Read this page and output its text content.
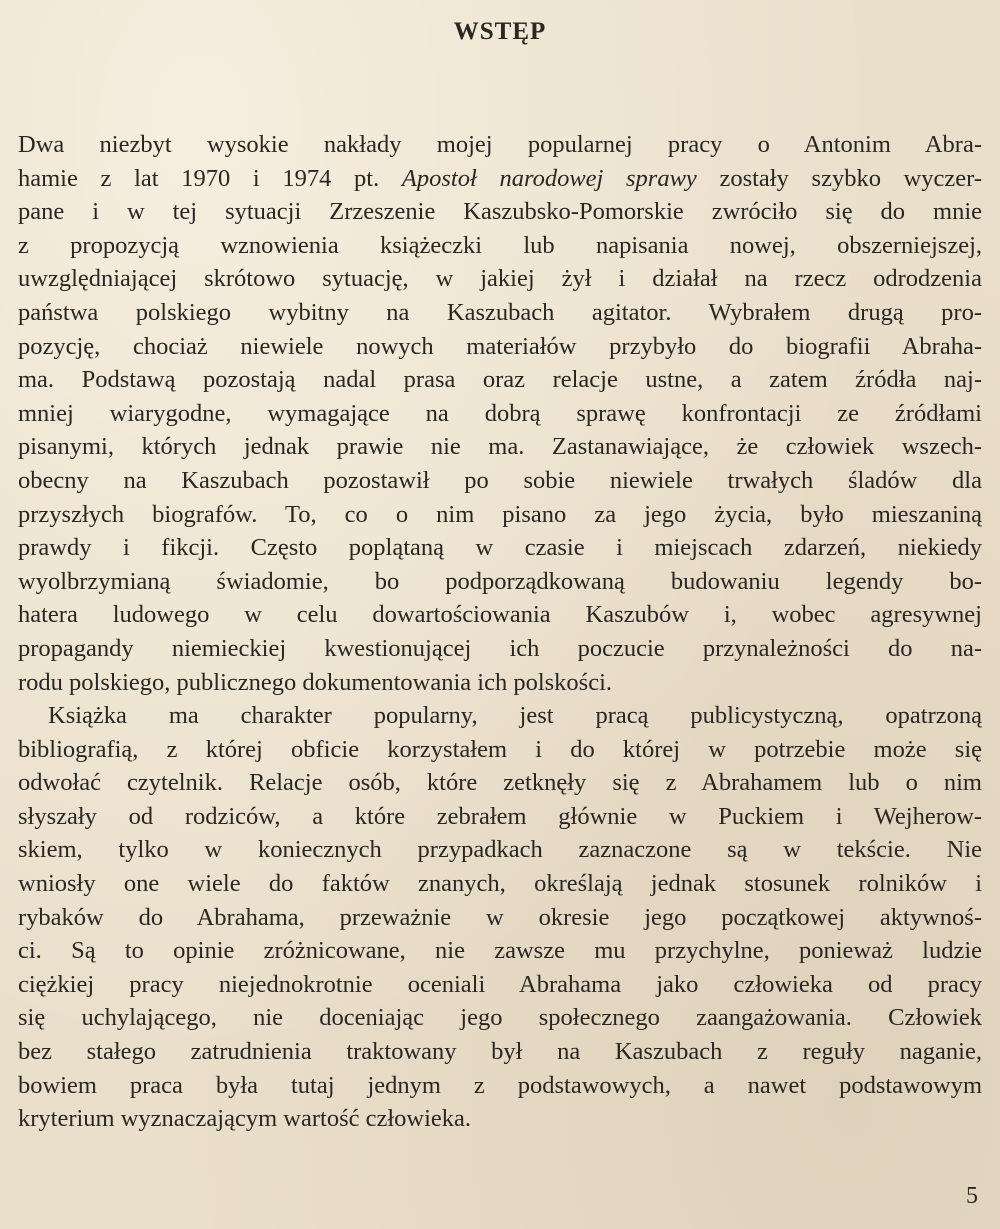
WSTĘP
Dwa niezbyt wysokie nakłady mojej popularnej pracy o Antonim Abra-
hamie z lat 1970 i 1974 pt. Apostoł narodowej sprawy zostały szybko wyczer-
pane i w tej sytuacji Zrzeszenie Kaszubsko-Pomorskie zwróciło się do mnie
z propozycją wznowienia książeczki lub napisania nowej, obszerniejszej,
uwzględniającej skrótowo sytuację, w jakiej żył i działał na rzecz odrodzenia
państwa polskiego wybitny na Kaszubach agitator. Wybrałem drugą pro-
pozycję, chociaż niewiele nowych materiałów przybyło do biografii Abraha-
ma. Podstawą pozostają nadal prasa oraz relacje ustne, a zatem źródła naj-
mniej wiarygodne, wymagające na dobrą sprawę konfrontacji ze źródłami
pisanymi, których jednak prawie nie ma. Zastanawiające, że człowiek wszech-
obecny na Kaszubach pozostawił po sobie niewiele trwałych śladów dla
przyszłych biografów. To, co o nim pisano za jego życia, było mieszaniną
prawdy i fikcji. Często poplątaną w czasie i miejscach zdarzeń, niekiedy
wyolbrzymianą świadomie, bo podporządkowaną budowaniu legendy bo-
hatera ludowego w celu dowartościowania Kaszubów i, wobec agresywnej
propagandy niemieckiej kwestionującej ich poczucie przynależności do na-
rodu polskiego, publicznego dokumentowania ich polskości.
Książka ma charakter popularny, jest pracą publicystyczną, opatrzoną
bibliografią, z której obficie korzystałem i do której w potrzebie może się
odwołać czytelnik. Relacje osób, które zetknęły się z Abrahamem lub o nim
słyszały od rodziców, a które zebrałem głównie w Puckiem i Wejherow-
skiem, tylko w koniecznych przypadkach zaznaczone są w tekście. Nie
wniosły one wiele do faktów znanych, określają jednak stosunek rolników i
rybaków do Abrahama, przeważnie w okresie jego początkowej aktywnoś-
ci. Są to opinie zróżnicowane, nie zawsze mu przychylne, ponieważ ludzie
ciężkiej pracy niejednokrotnie oceniali Abrahama jako człowieka od pracy
się uchylającego, nie doceniając jego społecznego zaangażowania. Człowiek
bez stałego zatrudnienia traktowany był na Kaszubach z reguły naganie,
bowiem praca była tutaj jednym z podstawowych, a nawet podstawowym
kryterium wyznaczającym wartość człowieka.
5
